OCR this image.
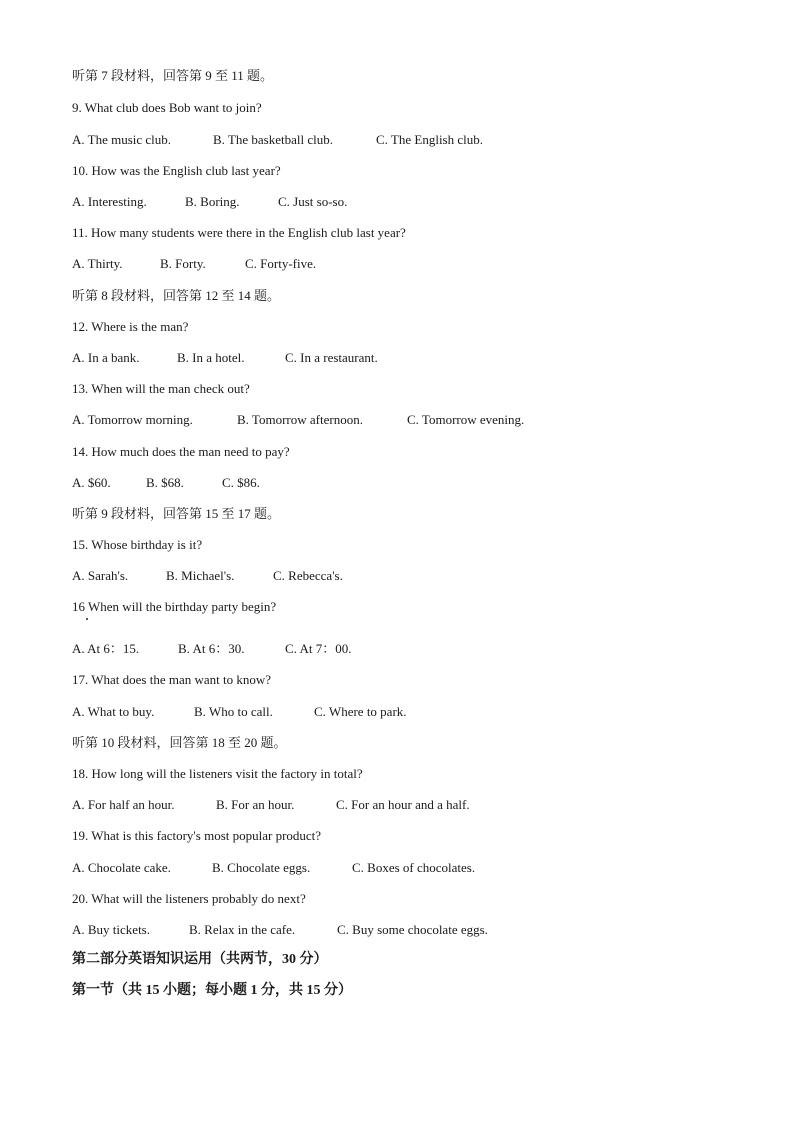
听第 7 段材料，回答第 9 至 11 题。
9. What club does Bob want to join?
A. The music club.	B. The basketball club.	C. The English club.
10. How was the English club last year?
A. Interesting.	B. Boring.	C. Just so-so.
11. How many students were there in the English club last year?
A. Thirty.	B. Forty.	C. Forty-five.
听第 8 段材料，回答第 12 至 14 题。
12. Where is the man?
A. In a bank.	B. In a hotel.	C. In a restaurant.
13. When will the man check out?
A. Tomorrow morning.	B. Tomorrow afternoon.	C. Tomorrow evening.
14. How much does the man need to pay?
A. $60.	B. $68.	C. $86.
听第 9 段材料，回答第 15 至 17 题。
15. Whose birthday is it?
A. Sarah's.	B. Michael's.	C. Rebecca's.
16 When will the birthday party begin?
A. At 6：15.	B. At 6：30.	C. At 7：00.
17. What does the man want to know?
A. What to buy.	B. Who to call.	C. Where to park.
听第 10 段材料，回答第 18 至 20 题。
18. How long will the listeners visit the factory in total?
A. For half an hour.	B. For an hour.	C. For an hour and a half.
19. What is this factory's most popular product?
A. Chocolate cake.	B. Chocolate eggs.	C. Boxes of chocolates.
20. What will the listeners probably do next?
A. Buy tickets.	B. Relax in the cafe.	C. Buy some chocolate eggs.
第二部分英语知识运用（共两节，30 分）
第一节（共 15 小题；每小题 1 分，共 15 分）
